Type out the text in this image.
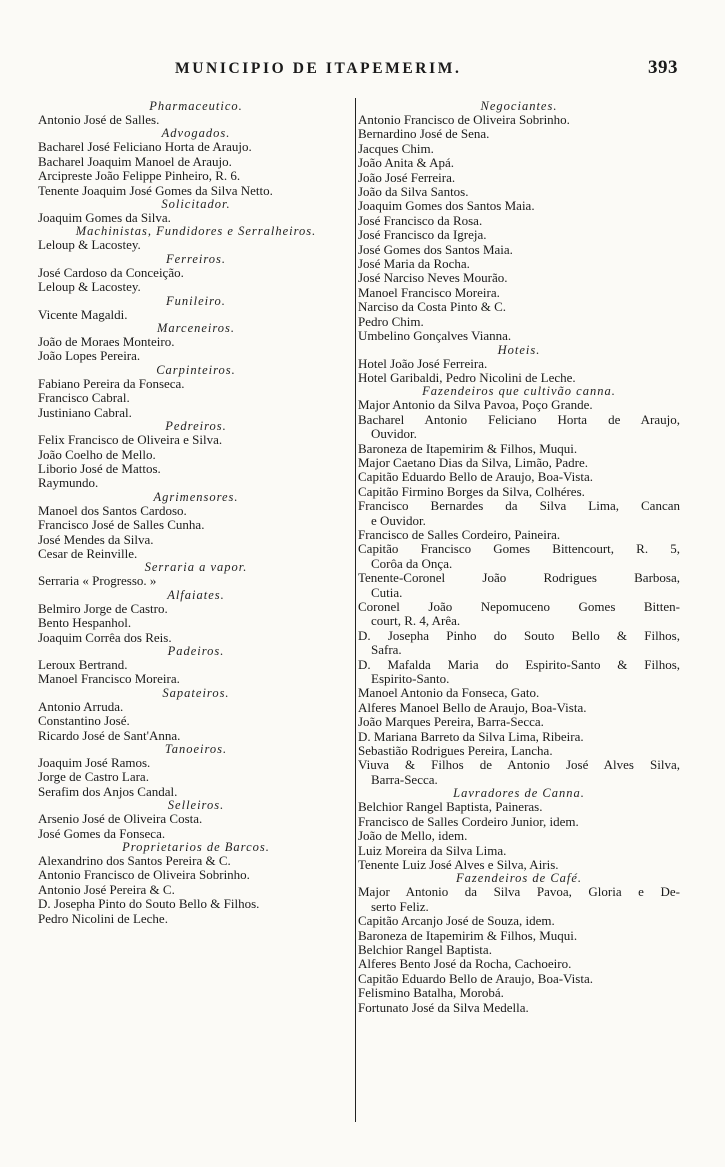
MUNICIPIO DE ITAPEMERIM.	393
Pharmaceutico.
Antonio José de Salles.
Advogados.
Bacharel José Feliciano Horta de Araujo.
Bacharel Joaquim Manoel de Araujo.
Arcipreste João Felippe Pinheiro, R. 6.
Tenente Joaquim José Gomes da Silva Netto.
Solicitador.
Joaquim Gomes da Silva.
Machinistas, Fundidores e Serralheiros.
Leloup & Lacostey.
Ferreiros.
José Cardoso da Conceição.
Leloup & Lacostey.
Funileiro.
Vicente Magaldi.
Marceneiros.
João de Moraes Monteiro.
João Lopes Pereira.
Carpinteiros.
Fabiano Pereira da Fonseca.
Francisco Cabral.
Justiniano Cabral.
Pedreiros.
Felix Francisco de Oliveira e Silva.
João Coelho de Mello.
Liborio José de Mattos.
Raymundo.
Agrimensores.
Manoel dos Santos Cardoso.
Francisco José de Salles Cunha.
José Mendes da Silva.
Cesar de Reinville.
Serraria a vapor.
Serraria « Progresso. »
Alfaiates.
Belmiro Jorge de Castro.
Bento Hespanhol.
Joaquim Corrêa dos Reis.
Padeiros.
Leroux Bertrand.
Manoel Francisco Moreira.
Sapateiros.
Antonio Arruda.
Constantino José.
Ricardo José de Sant'Anna.
Tanoeiros.
Joaquim José Ramos.
Jorge de Castro Lara.
Serafim dos Anjos Candal.
Selleiros.
Arsenio José de Oliveira Costa.
José Gomes da Fonseca.
Proprietarios de Barcos.
Alexandrino dos Santos Pereira & C.
Antonio Francisco de Oliveira Sobrinho.
Antonio José Pereira & C.
D. Josepha Pinto do Souto Bello & Filhos.
Pedro Nicolini de Leche.
Negociantes.
Antonio Francisco de Oliveira Sobrinho.
Bernardino José de Sena.
Jacques Chim.
João Anita & Apá.
João José Ferreira.
João da Silva Santos.
Joaquim Gomes dos Santos Maia.
José Francisco da Rosa.
José Francisco da Igreja.
José Gomes dos Santos Maia.
José Maria da Rocha.
José Narciso Neves Mourão.
Manoel Francisco Moreira.
Narciso da Costa Pinto & C.
Pedro Chim.
Umbelino Gonçalves Vianna.
Hoteis.
Hotel João José Ferreira.
Hotel Garibaldi, Pedro Nicolini de Leche.
Fazendeiros que cultivão canna.
Major Antonio da Silva Pavoa, Poço Grande.
Bacharel Antonio Feliciano Horta de Araujo,
Ouvidor.
Baroneza de Itapemirim & Filhos, Muqui.
Major Caetano Dias da Silva, Limão, Padre.
Capitão Eduardo Bello de Araujo, Boa-Vista.
Capitão Firmino Borges da Silva, Colhéres.
Francisco Bernardes da Silva Lima, Cancan
e Ouvidor.
Francisco de Salles Cordeiro, Paineira.
Capitão Francisco Gomes Bittencourt, R. 5,
Corôa da Onça.
Tenente-Coronel João Rodrigues Barbosa,
Cutia.
Coronel João Nepomuceno Gomes Bitten-
court, R. 4, Arêa.
D. Josepha Pinho do Souto Bello & Filhos,
Safra.
D. Mafalda Maria do Espirito-Santo & Filhos,
Espirito-Santo.
Manoel Antonio da Fonseca, Gato.
Alferes Manoel Bello de Araujo, Boa-Vista.
João Marques Pereira, Barra-Secca.
D. Mariana Barreto da Silva Lima, Ribeira.
Sebastião Rodrigues Pereira, Lancha.
Viuva & Filhos de Antonio José Alves Silva,
Barra-Secca.
Lavradores de Canna.
Belchior Rangel Baptista, Paineras.
Francisco de Salles Cordeiro Junior, idem.
João de Mello, idem.
Luiz Moreira da Silva Lima.
Tenente Luiz José Alves e Silva, Airis.
Fazendeiros de Café.
Major Antonio da Silva Pavoa, Gloria e De-
serto Feliz.
Capitão Arcanjo José de Souza, idem.
Baroneza de Itapemirim & Filhos, Muqui.
Belchior Rangel Baptista.
Alferes Bento José da Rocha, Cachoeiro.
Capitão Eduardo Bello de Araujo, Boa-Vista.
Felismino Batalha, Morobá.
Fortunato José da Silva Medella.
